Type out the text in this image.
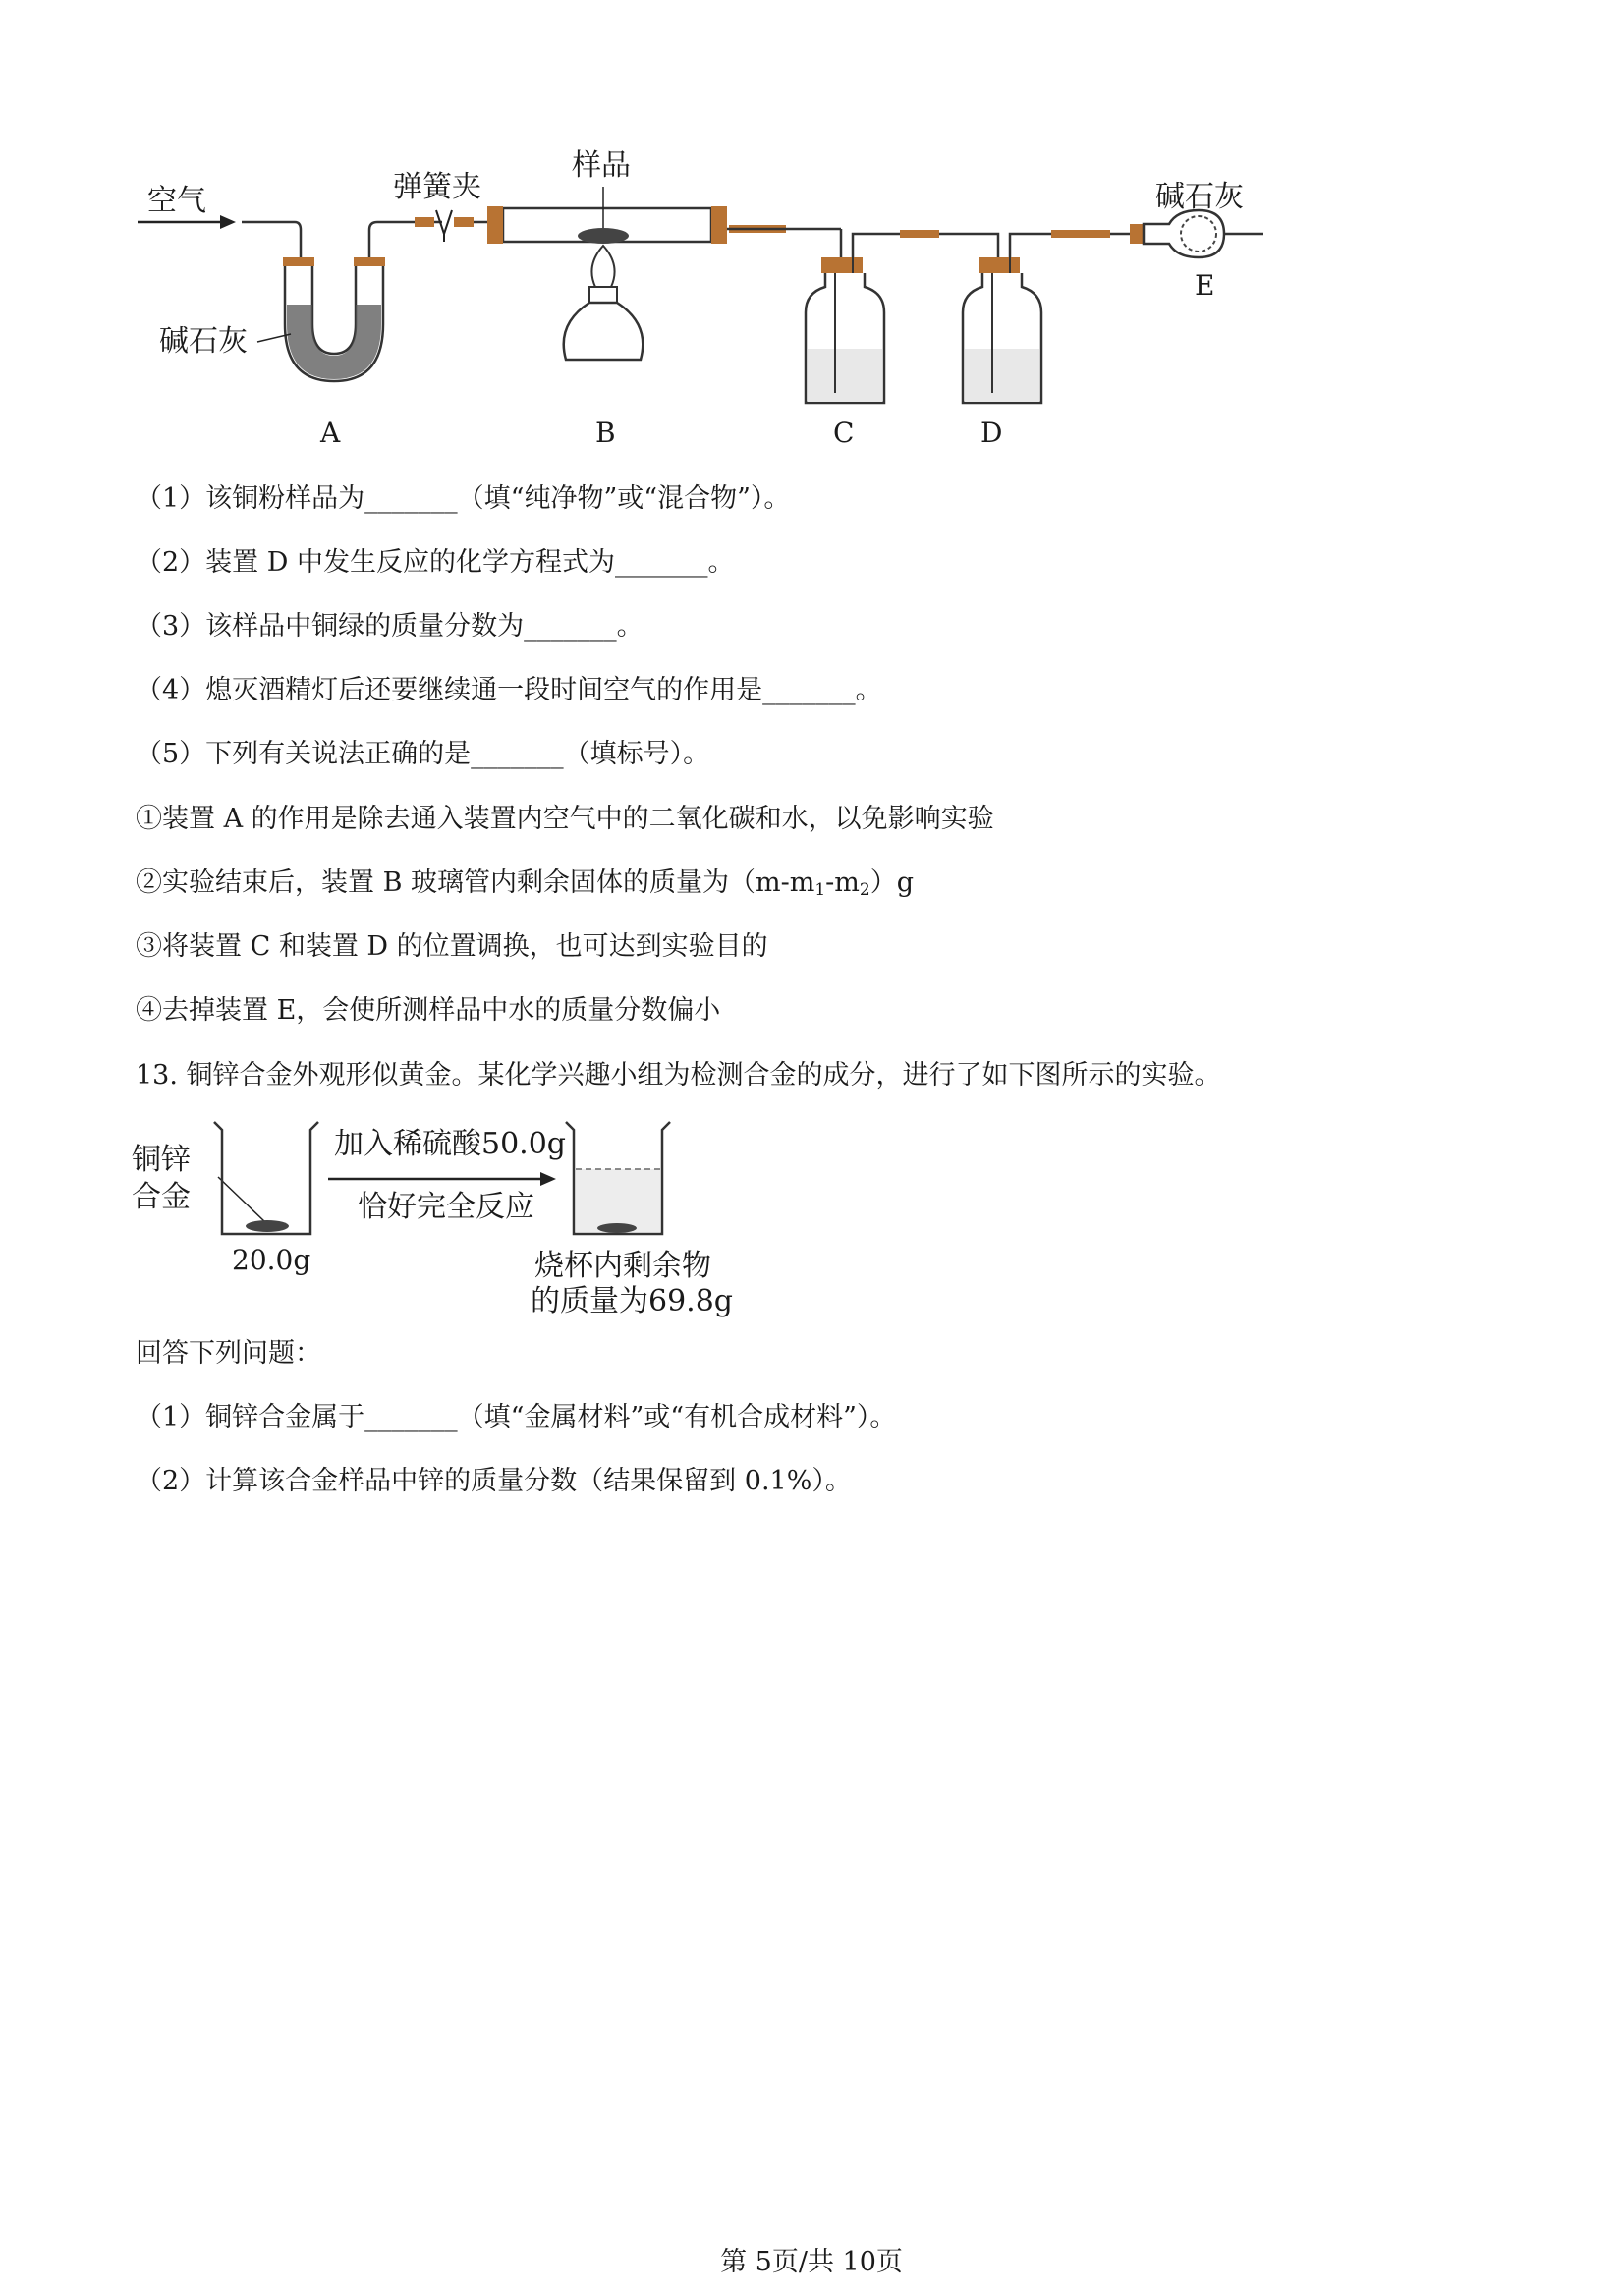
空气
碱石灰
A
弹簧夹
样品
B	C	D
碱石灰
E
（1）该铜粉样品为_______（填“纯净物”或“混合物”）。
（2）装置 D 中发生反应的化学方程式为_______。
（3）该样品中铜绿的质量分数为_______。
（4）熄灭酒精灯后还要继续通一段时间空气的作用是_______。
（5）下列有关说法正确的是_______（填标号）。
①装置 A 的作用是除去通入装置内空气中的二氧化碳和水，以免影响实验
②实验结束后，装置 B 玻璃管内剩余固体的质量为$(m-m_1-m_2)g$
③将装置 C 和装置 D 的位置调换，也可达到实验目的
④去掉装置 E，会使所测样品中水的质量分数偏小
13. 铜锌合金外观形似黄金。某化学兴趣小组为检测合金的成分，进行了如下图所示的实验。
铜锌
合金
20.0g
加入稀硫酸50.0g
恰好完全反应
烧杯内剩余物
的质量为69.8g
回答下列问题：
（1）铜锌合金属于_______（填“金属材料”或“有机合成材料”）。
（2）计算该合金样品中锌的质量分数（结果保留到 0.1%）。
第 5页/共 10页
